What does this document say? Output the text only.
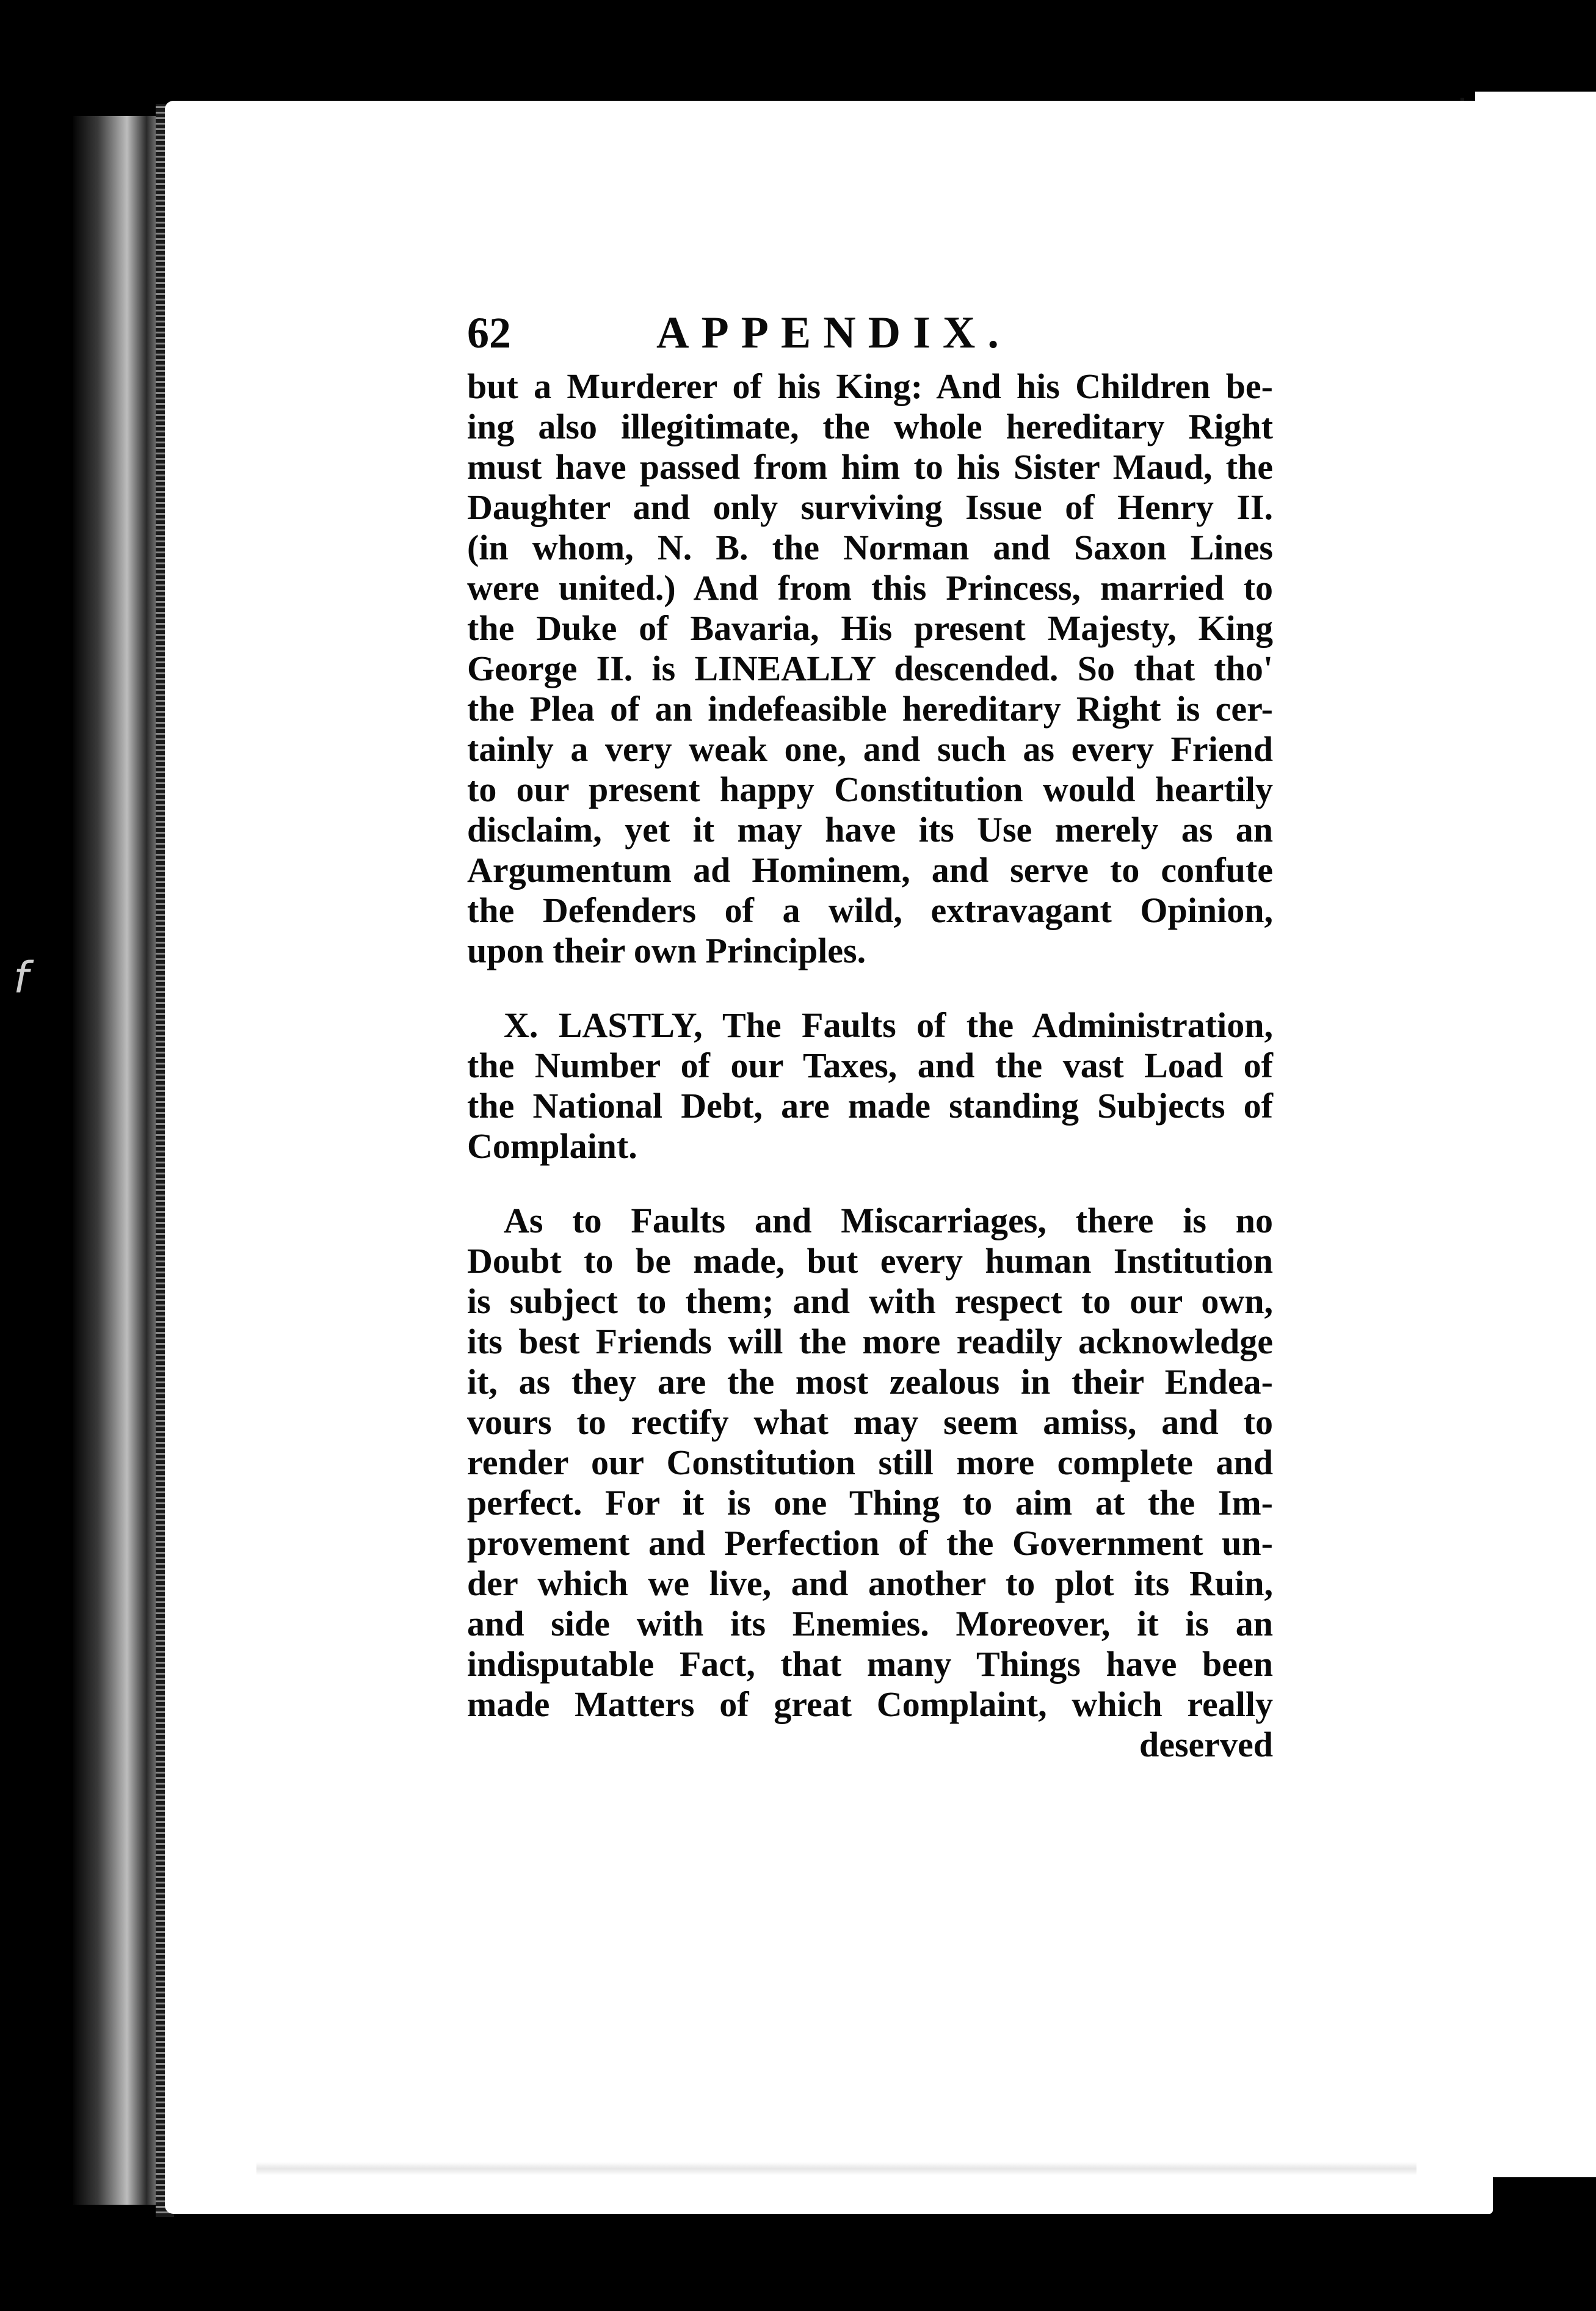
f
62	APPENDIX.
but a Murderer of his King: And his Children be-
ing also illegitimate, the whole hereditary Right
must have passed from him to his Sister Maud, the
Daughter and only surviving Issue of Henry II.
(in whom, N. B. the Norman and Saxon Lines
were united.) And from this Princess, married to
the Duke of Bavaria, His present Majesty, King
George II. is LINEALLY descended. So that tho'
the Plea of an indefeasible hereditary Right is cer-
tainly a very weak one, and such as every Friend
to our present happy Constitution would heartily
disclaim, yet it may have its Use merely as an
Argumentum ad Hominem, and serve to confute
the Defenders of a wild, extravagant Opinion,
upon their own Principles.
X. LASTLY, The Faults of the Administration,
the Number of our Taxes, and the vast Load of
the National Debt, are made standing Subjects of
Complaint.
As to Faults and Miscarriages, there is no
Doubt to be made, but every human Institution
is subject to them; and with respect to our own,
its best Friends will the more readily acknowledge
it, as they are the most zealous in their Endea-
vours to rectify what may seem amiss, and to
render our Constitution still more complete and
perfect. For it is one Thing to aim at the Im-
provement and Perfection of the Government un-
der which we live, and another to plot its Ruin,
and side with its Enemies. Moreover, it is an
indisputable Fact, that many Things have been
made Matters of great Complaint, which really
deserved
